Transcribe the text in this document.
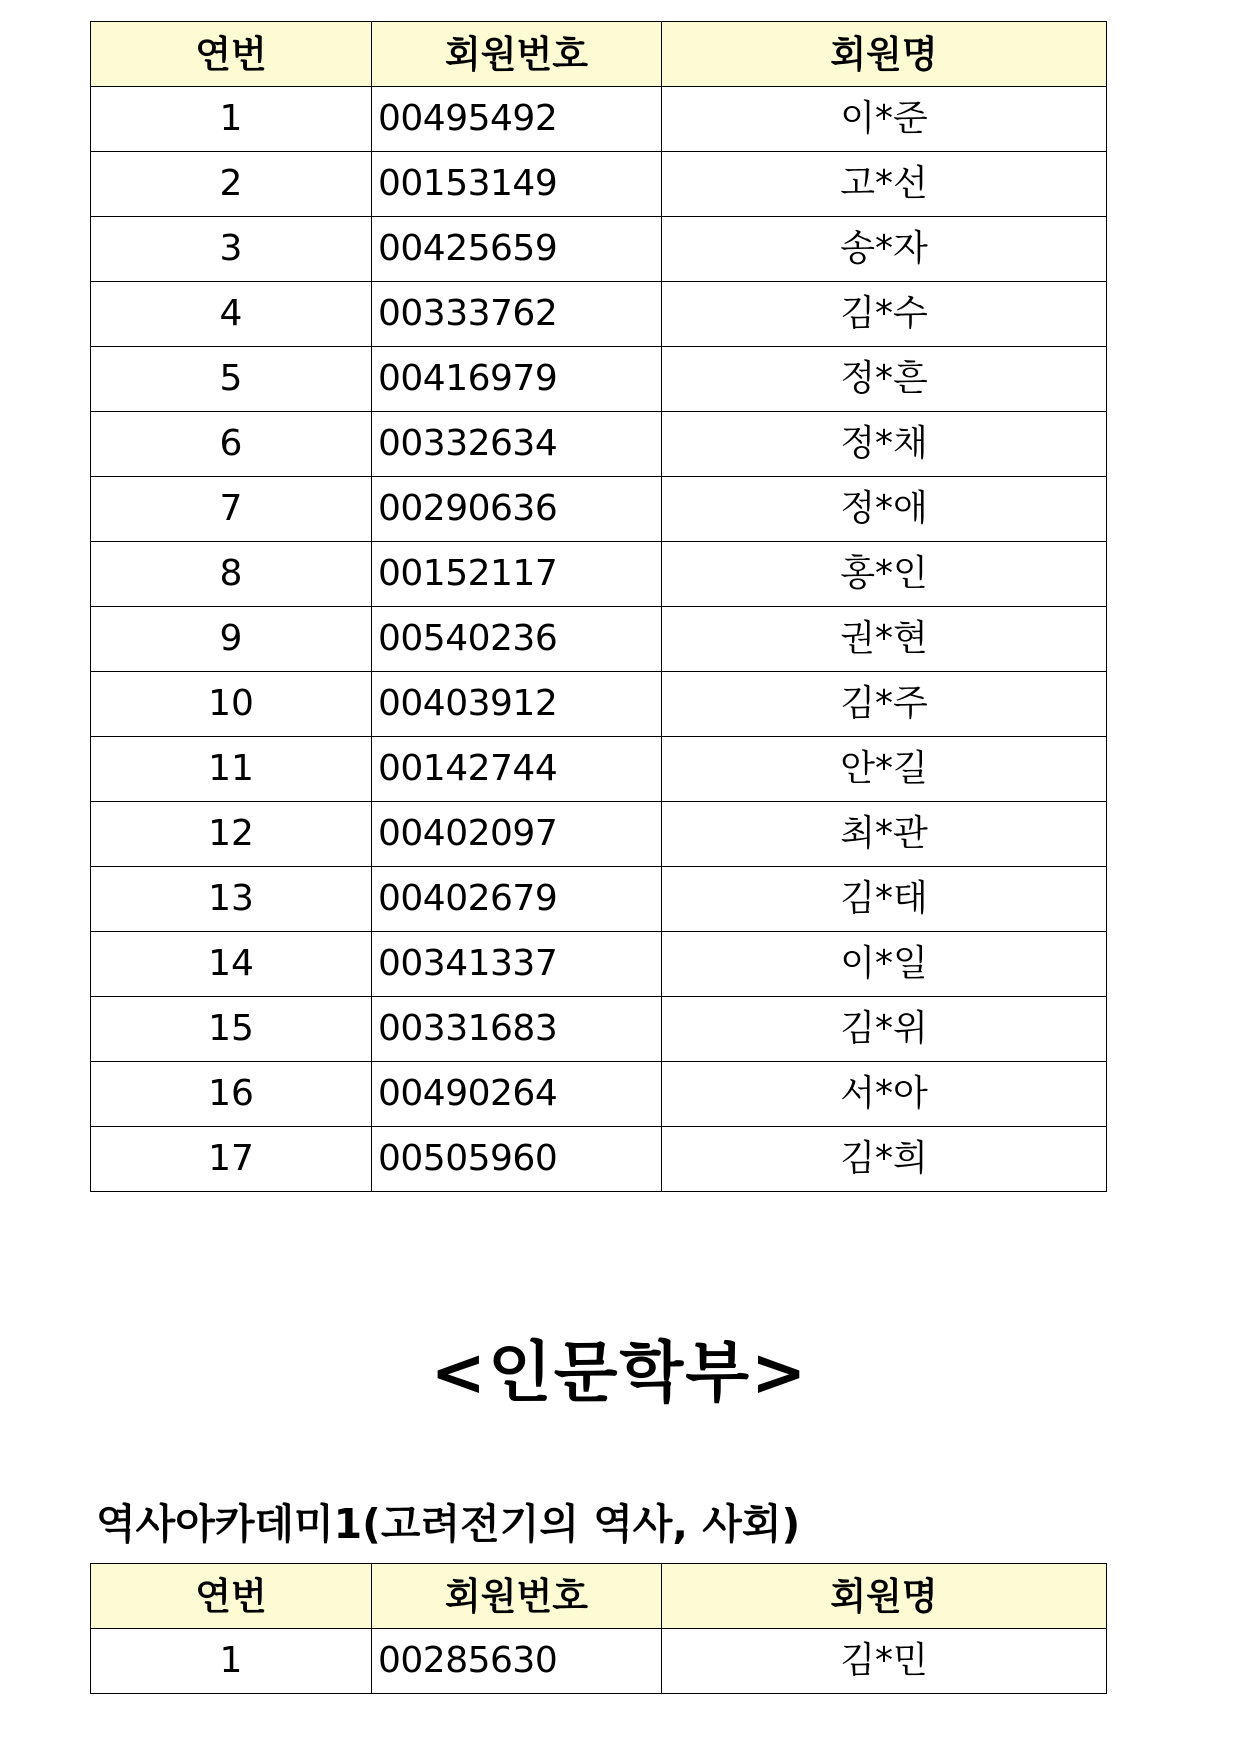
연번	회원번호	회원명
1	00495492	이*준
2	00153149	고*선
3	00425659	송*자
4	00333762	김*수
5	00416979	정*흔
6	00332634	정*채
7	00290636	정*애
8	00152117	홍*인
9	00540236	권*현
10	00403912	김*주
11	00142744	안*길
12	00402097	최*관
13	00402679	김*태
14	00341337	이*일
15	00331683	김*위
16	00490264	서*아
17	00505960	김*희
<인문학부>
역사아카데미1(고려전기의 역사, 사회)
연번	회원번호	회원명
1	00285630	김*민
